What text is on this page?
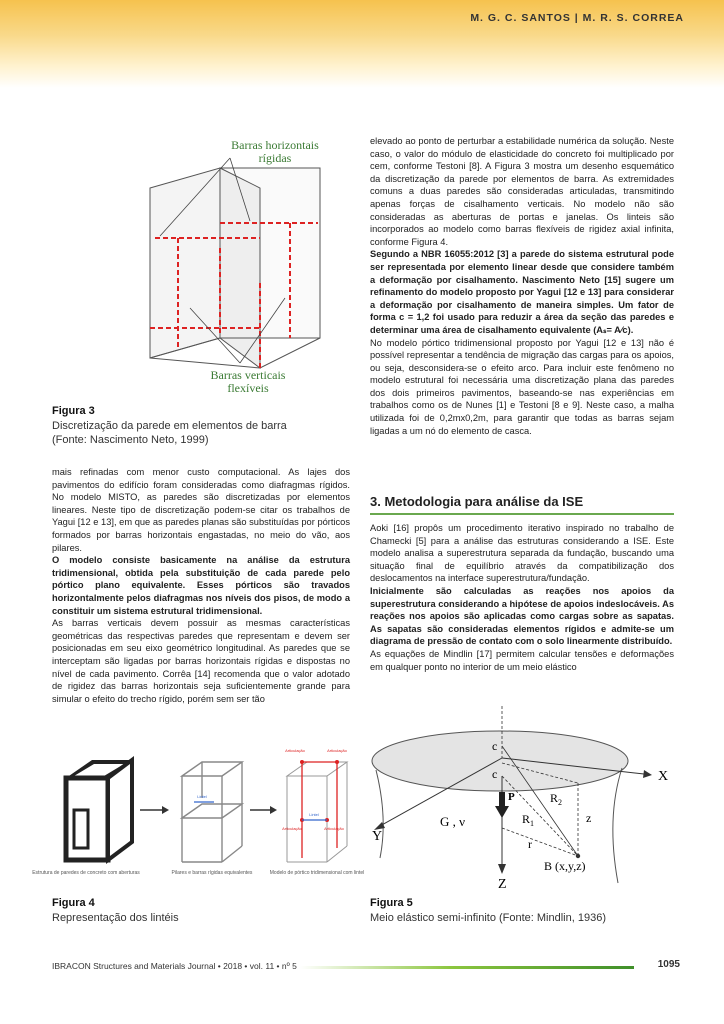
M. G. C. SANTOS | M. R. S. CORREA
Barras horizontais
rígidas
Barras verticais
flexíveis
Figura 3
Discretização da parede em elementos de barra
(Fonte: Nascimento Neto, 1999)

mais refinadas com menor custo computacional. As lajes dos pavimentos do edifício foram consideradas como diafragmas rígidos. No modelo MISTO, as paredes são discretizadas por elementos lineares. Neste tipo de discretização podem-se citar os trabalhos de Yagui [12 e 13], em que as paredes planas são substituídas por pórticos formados por barras horizontais engastadas, no meio do vão, aos pilares.

O modelo consiste basicamente na análise da estrutura tridimensional, obtida pela substituição de cada parede pelo pórtico plano equivalente. Esses pórticos são travados horizontalmente pelos diafragmas nos níveis dos pisos, de modo a constituir um sistema estrutural tridimensional.

As barras verticais devem possuir as mesmas características geométricas das respectivas paredes que representam e devem ser posicionadas em seu eixo geométrico longitudinal. As paredes que se interceptam são ligadas por barras horizontais rígidas e dispostas no nível de cada pavimento. Corrêa [14] recomenda que o valor adotado de rigidez das barras horizontais seja suficientemente grande para simular o efeito do trecho rígido, porém sem ser tão

elevado ao ponto de perturbar a estabilidade numérica da solução. Neste caso, o valor do módulo de elasticidade do concreto foi multiplicado por cem, conforme Testoni [8]. A Figura 3 mostra um desenho esquemático da discretização da parede por elementos de barra. As extremidades comuns a duas paredes são consideradas articuladas, transmitindo apenas forças de cisalhamento verticais. No modelo não são consideradas as aberturas de portas e janelas. Os linteis são incorporados ao modelo como barras flexíveis de rigidez axial infinita, conforme Figura 4.

Segundo a NBR 16055:2012 [3] a parede do sistema estrutural pode ser representada por elemento linear desde que considere também a deformação por cisalhamento. Nascimento Neto [15] sugere um refinamento do modelo proposto por Yagui [12 e 13] para considerar a deformação por cisalhamento de maneira simples. Um fator de forma c = 1,2 foi usado para reduzir a área da seção das paredes e determinar uma área de cisalhamento equivalente (Aₛ= A⁄c).

No modelo pórtico tridimensional proposto por Yagui [12 e 13] não é possível representar a tendência de migração das cargas para os apoios, ou seja, desconsidera-se o efeito arco. Para incluir este fenômeno no modelo estrutural foi necessária uma discretização plana das paredes dos dois primeiros pavimentos, baseando-se nas experiências em trabalhos como os de Nunes [1] e Testoni [8 e 9]. Neste caso, a malha utilizada foi de 0,2mx0,2m, para garantir que todas as barras sejam ligadas a um nó do elemento de casca.

3. Metodologia para análise da ISE

Aoki [16] propôs um procedimento iterativo inspirado no trabalho de Chamecki [5] para a análise das estruturas considerando a ISE. Este modelo analisa a superestrutura separada da fundação, buscando uma situação final de equilíbrio através da compatibilização dos deslocamentos na interface superestrutura/fundação.

Inicialmente são calculadas as reações nos apoios da superestrutura considerando a hipótese de apoios indeslocáveis. As reações nos apoios são aplicadas como cargas sobre as sapatas. As sapatas são consideradas elementos rígidos e admite-se um diagrama de pressão de contato com o solo linearmente distribuído.

As equações de Mindlin [17] permitem calcular tensões e deformações em qualquer ponto no interior de um meio elástico

Estrutura de paredes de concreto com aberturas
Lintel
Pilares e barras rígidas equivalentes
Lintel
Articulação	Articulação
Articulação	Articulação
Modelo de pórtico tridimensional com lintel
Figura 4
Representação dos lintéis
c
c	X
Y
Z
P
$R_1$
$R_2$
G , ν	z
r
B (x,y,z)
Figura 5
Meio elástico semi-infinito (Fonte: Mindlin, 1936)
IBRACON Structures and Materials Journal • 2018 • vol. 11 • nº 5	1095
